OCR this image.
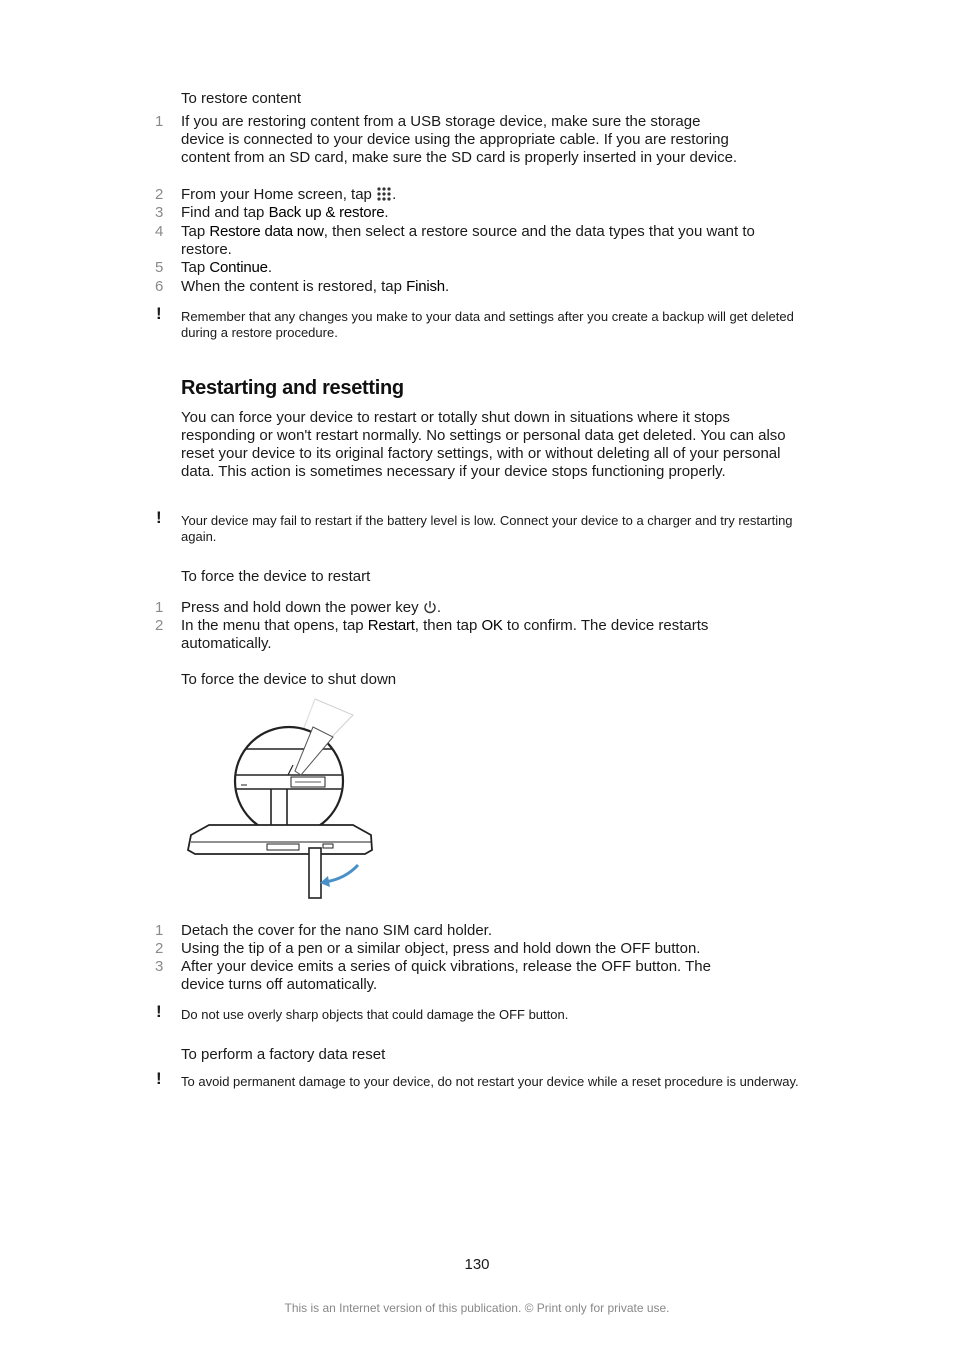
To restore content
1 If you are restoring content from a USB storage device, make sure the storage device is connected to your device using the appropriate cable. If you are restoring content from an SD card, make sure the SD card is properly inserted in your device.
2 From your Home screen, tap .
3 Find and tap Back up & restore.
4 Tap Restore data now, then select a restore source and the data types that you want to restore.
5 Tap Continue.
6 When the content is restored, tap Finish.
! Remember that any changes you make to your data and settings after you create a backup will get deleted during a restore procedure.
Restarting and resetting
You can force your device to restart or totally shut down in situations where it stops responding or won't restart normally. No settings or personal data get deleted. You can also reset your device to its original factory settings, with or without deleting all of your personal data. This action is sometimes necessary if your device stops functioning properly.
! Your device may fail to restart if the battery level is low. Connect your device to a charger and try restarting again.
To force the device to restart
1 Press and hold down the power key .
2 In the menu that opens, tap Restart, then tap OK to confirm. The device restarts automatically.
To force the device to shut down
1 Detach the cover for the nano SIM card holder.
2 Using the tip of a pen or a similar object, press and hold down the OFF button.
3 After your device emits a series of quick vibrations, release the OFF button. The device turns off automatically.
! Do not use overly sharp objects that could damage the OFF button.
To perform a factory data reset
! To avoid permanent damage to your device, do not restart your device while a reset procedure is underway.
130
This is an Internet version of this publication. © Print only for private use.
